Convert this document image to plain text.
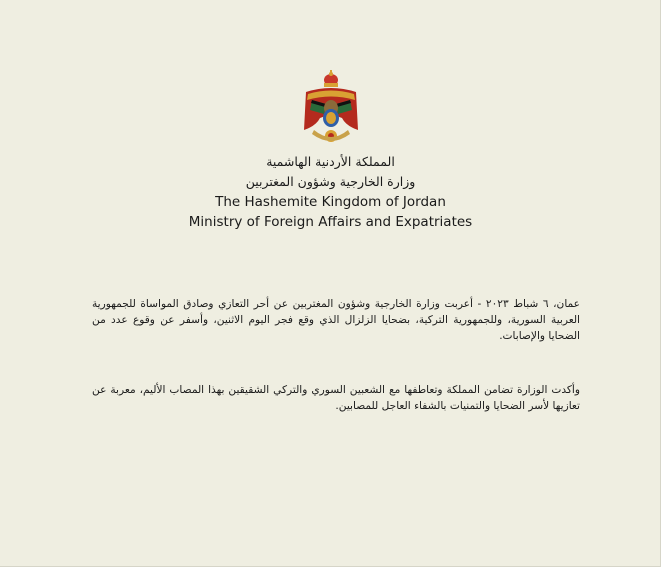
المملكة الأردنية الهاشمية
وزارة الخارجية وشؤون المغتربين
The Hashemite Kingdom of Jordan
Ministry of Foreign Affairs and Expatriates

عمان، ٦ شباط ٢٠٢٣ - أعربت وزارة الخارجية وشؤون المغتربين عن أحر التعازي وصادق المواساة للجمهورية العربية السورية، وللجمهورية التركية، بضحايا الزلزال الذي وقع فجر اليوم الاثنين، وأسفر عن وقوع عدد من الضحايا والإصابات.

وأكدت الوزارة تضامن المملكة وتعاطفها مع الشعبين السوري والتركي الشقيقين بهذا المصاب الأليم، معربة عن تعازيها لأسر الضحايا والتمنيات بالشفاء العاجل للمصابين.
